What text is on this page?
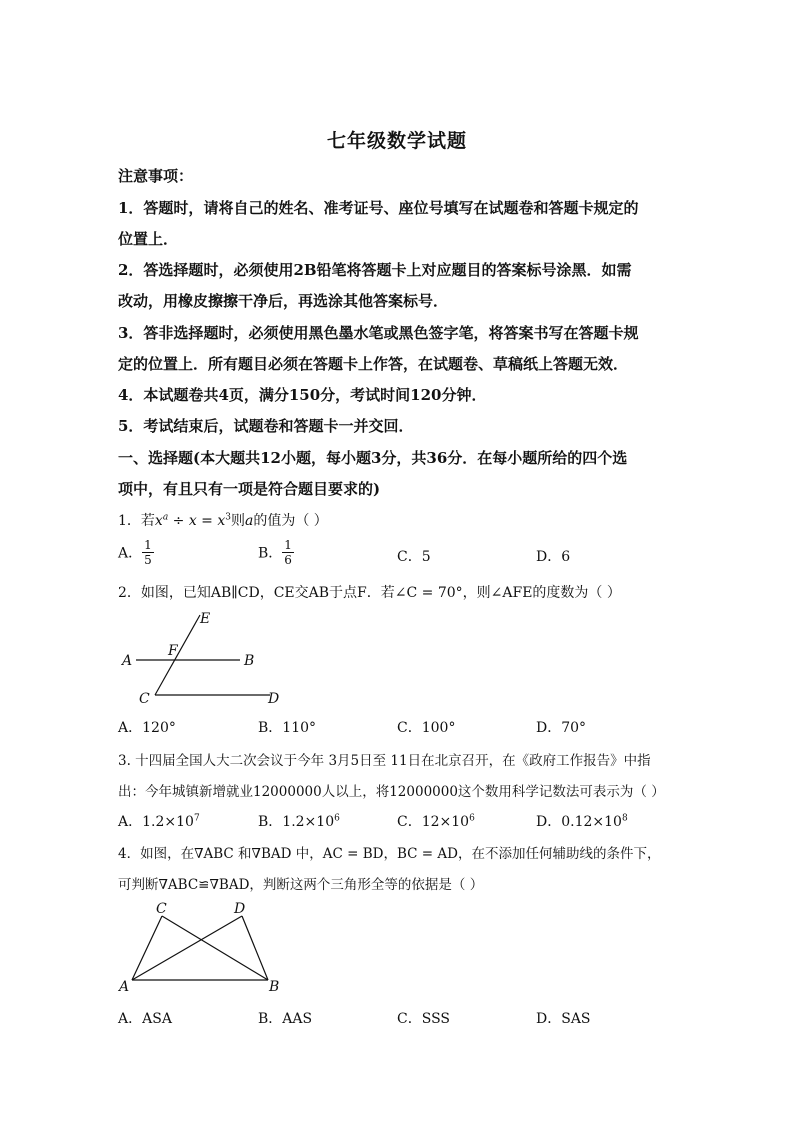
七年级数学试题
注意事项：
1．答题时，请将自己的姓名、准考证号、座位号填写在试题卷和答题卡规定的
位置上．
2．答选择题时，必须使用2B铅笔将答题卡上对应题目的答案标号涂黑．如需
改动，用橡皮擦擦干净后，再选涂其他答案标号．
3．答非选择题时，必须使用黑色墨水笔或黑色签字笔，将答案书写在答题卡规
定的位置上．所有题目必须在答题卡上作答，在试题卷、草稿纸上答题无效．
4．本试题卷共4页，满分150分，考试时间120分钟．
5．考试结束后，试题卷和答题卡一并交回．
一、选择题(本大题共12小题，每小题3分，共36分．在每小题所给的四个选
项中，有且只有一项是符合题目要求的)
1．若$x^a \div x = x^3$则a的值为（ ）
A． $\frac{1}{5}$	B． $\frac{1}{6}$	C．5	D．6
2．如图，已知AB∥CD，CE交AB于点F．若∠C = 70°，则∠AFE的度数为（ ）
E
F
A	B
C	D
A．120°	B．110°	C．100°	D．70°
3. 十四届全国人大二次会议于今年 3月5日至 11日在北京召开，在《政府工作报告》中指
出：今年城镇新增就业12000000人以上，将12000000这个数用科学记数法可表示为（ ）
A．$1.2\times 10^7$	B．$1.2\times 10^6$	C．$12\times 10^6$	D．$0.12\times 10^8$
4．如图，在∇ABC 和∇BAD 中，AC = BD，BC = AD，在不添加任何辅助线的条件下，
可判断∇ABC≌∇BAD，判断这两个三角形全等的依据是（ ）
C	D
A	B
A．ASA	B．AAS	C．SSS	D．SAS
